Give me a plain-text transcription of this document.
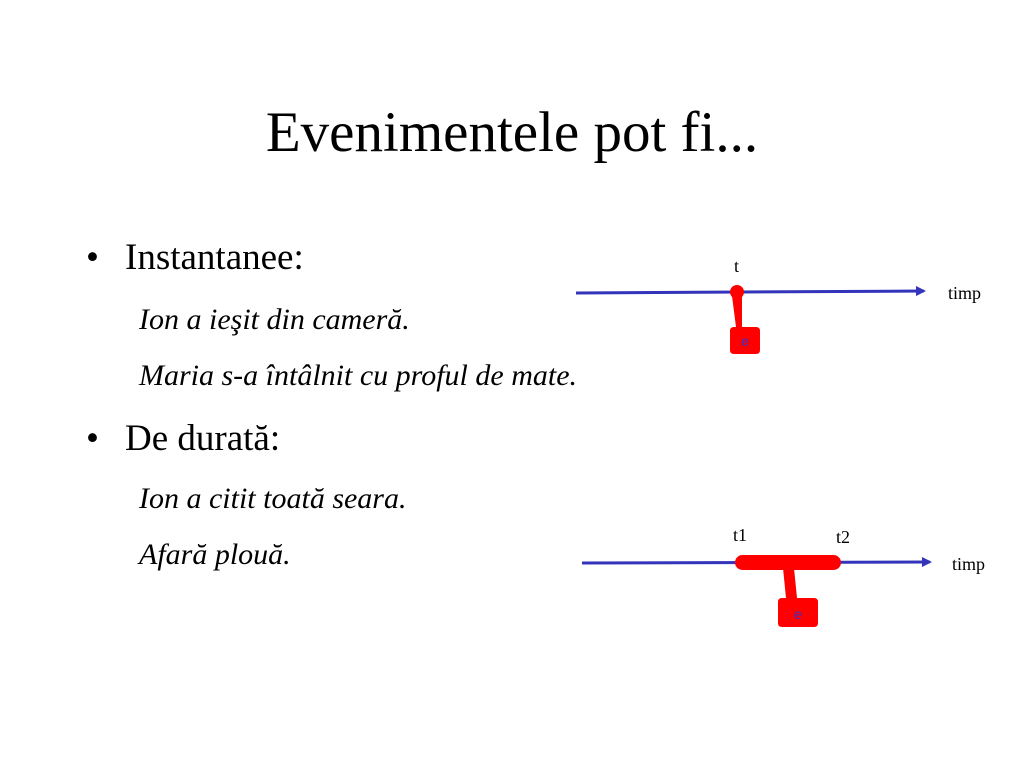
Evenimentele pot fi...
• Instantanee:
Ion a ieşit din cameră.
Maria s-a întâlnit cu proful de mate.
• De durată:
Ion a citit toată seara.
Afară plouă.
t
timp
e
t1	t2
timp
e
